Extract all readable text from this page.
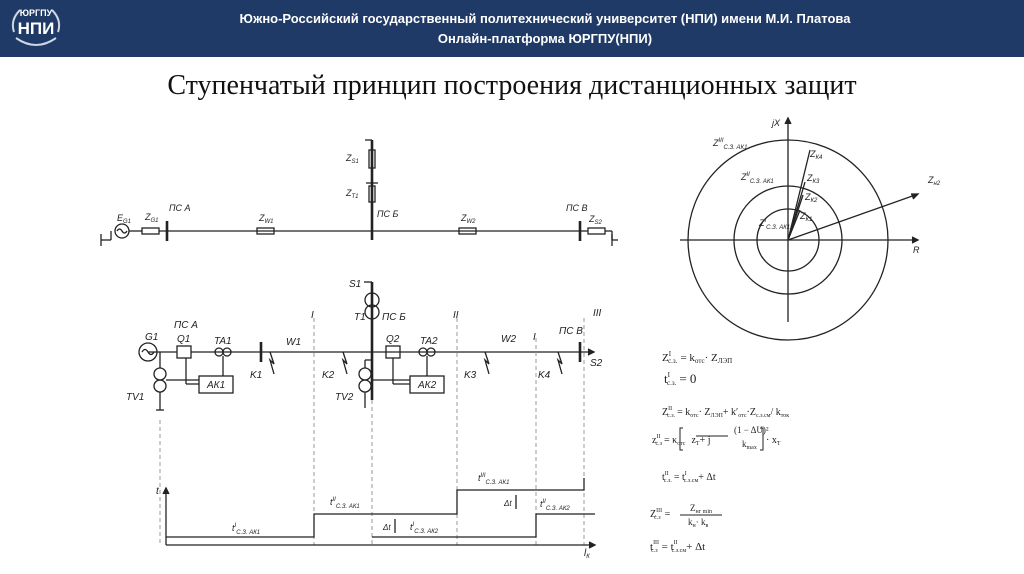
ЮРГПУ
НПИ
Южно-Российский государственный политехнический университет (НПИ) имени М.И. Платова
Онлайн-платформа ЮРГПУ(НПИ)
Ступенчатый принцип построения дистанционных защит
$E_{G1}$ $Z_{G1}$
ПС А
$Z_{W1}$
ПС Б
$Z_{S1}$
$Z_{T1}$
$Z_{W2}$
ПС В
$Z_{S2}$
jX
R
$Z_{н2}$
$Z_{К4}$
$Z_{К3}$
$Z_{К2}$
$Z_{К1}$
$Z^{III}_{С.З. АК1}$
$Z^{II}_{С.З. АК1}$
$Z^I_{С.З. АК1}$
S1
T1 ПС Б
ПС А
ПС В
G1 Q1 TA1	W1	Q2 TA2	W2
АК1	АК2
TV1	TV2
K1	K2	K3	K4
S2
I	II	III
I
t
$l_К$
$t^I_{С.З. АК1}$
$t^{II}_{С.З. АК1}$
$t^{III}_{С.З. АК1}$
$t^I_{С.З. АК2}$
$t^{II}_{С.З. АК2}$
Δt
Δt
$Z^I$ с.з. = kотс· ZЛЭП
$t^I$ с.з. = 0
$Z^{II}$ с.з. = $k_{отс}\cdot Z_{ЛЭП}+ k'_{отс}\cdot Z_{с.з.см}/$ $k_{ток}$
$z^{II}$ $с.з = \kappa_{отс}$ $z_Т+ j$
(1 − ΔU)²
$k_{max}$
· $x_Т$
$t^{II}$ с.з. = $t^I$ с.з.см+ Δt
$Z^{III}$ с.з =
$Z_{нг min}$
$k_н\cdot k_в$
$t^{III}$ $с.з = t^{II}$ с.з.см+ Δt
